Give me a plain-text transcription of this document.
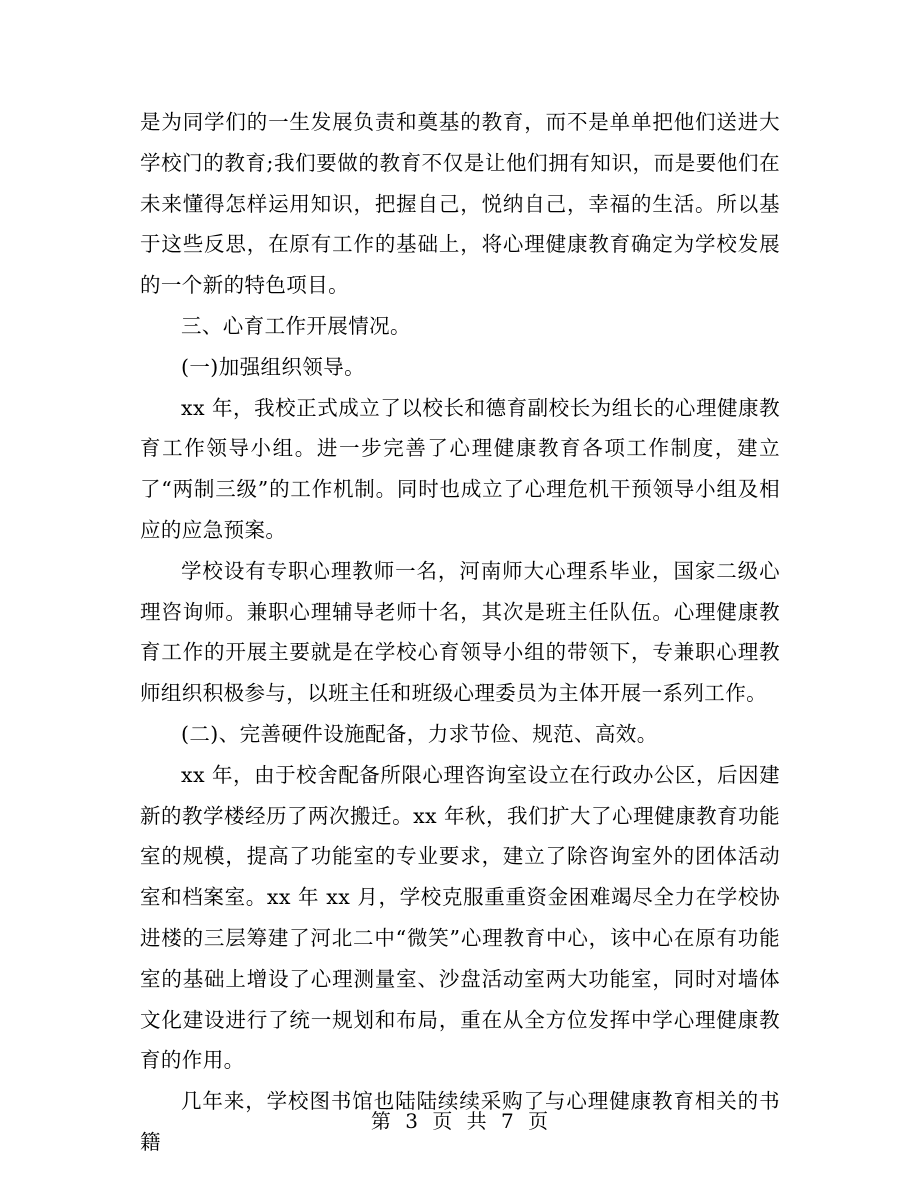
是为同学们的一生发展负责和奠基的教育，而不是单单把他们送进大学校门的教育;我们要做的教育不仅是让他们拥有知识，而是要他们在未来懂得怎样运用知识，把握自己，悦纳自己，幸福的生活。所以基于这些反思，在原有工作的基础上，将心理健康教育确定为学校发展的一个新的特色项目。

三、心育工作开展情况。

(一)加强组织领导。

xx 年，我校正式成立了以校长和德育副校长为组长的心理健康教育工作领导小组。进一步完善了心理健康教育各项工作制度，建立了“两制三级”的工作机制。同时也成立了心理危机干预领导小组及相应的应急预案。

学校设有专职心理教师一名，河南师大心理系毕业，国家二级心理咨询师。兼职心理辅导老师十名，其次是班主任队伍。心理健康教育工作的开展主要就是在学校心育领导小组的带领下，专兼职心理教师组织积极参与，以班主任和班级心理委员为主体开展一系列工作。

(二)、完善硬件设施配备，力求节俭、规范、高效。

xx 年，由于校舍配备所限心理咨询室设立在行政办公区，后因建新的教学楼经历了两次搬迁。xx 年秋，我们扩大了心理健康教育功能室的规模，提高了功能室的专业要求，建立了除咨询室外的团体活动室和档案室。xx 年 xx 月，学校克服重重资金困难竭尽全力在学校协进楼的三层筹建了河北二中“微笑”心理教育中心，该中心在原有功能室的基础上增设了心理测量室、沙盘活动室两大功能室，同时对墙体文化建设进行了统一规划和布局，重在从全方位发挥中学心理健康教育的作用。

几年来，学校图书馆也陆陆续续采购了与心理健康教育相关的书籍

第 3 页 共 7 页
